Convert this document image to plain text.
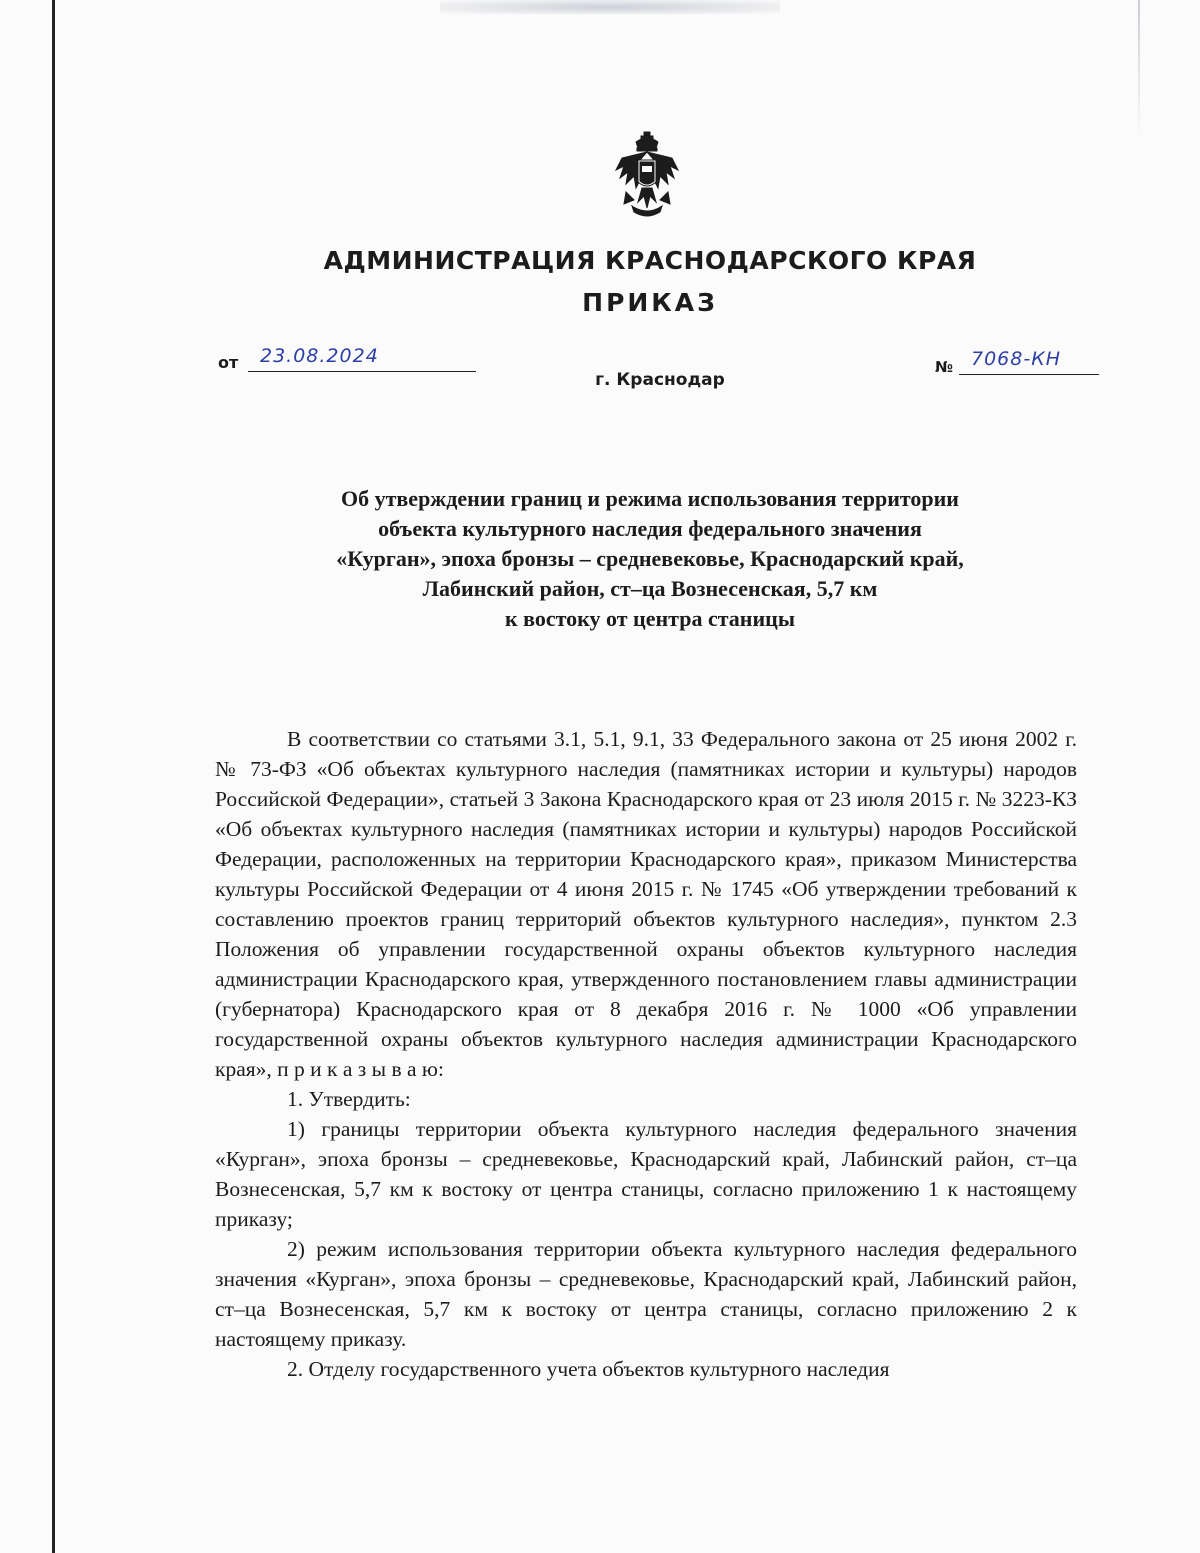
АДМИНИСТРАЦИЯ КРАСНОДАРСКОГО КРАЯ
ПРИКАЗ
от 23.08.2024	№ 7068-КН
г. Краснодар
Об утверждении границ и режима использования территории
объекта культурного наследия федерального значения
«Курган», эпоха бронзы – средневековье, Краснодарский край,
Лабинский район, ст–ца Вознесенская, 5,7 км
к востоку от центра станицы

В соответствии со статьями 3.1, 5.1, 9.1, 33 Федерального закона от 25 июня 2002 г. № 73-ФЗ «Об объектах культурного наследия (памятниках истории и культуры) народов Российской Федерации», статьей 3 Закона Краснодарского края от 23 июля 2015 г. № 3223-КЗ «Об объектах культурного наследия (памятниках истории и культуры) народов Российской Федерации, расположенных на территории Краснодарского края», приказом Министерства культуры Российской Федерации от 4 июня 2015 г. № 1745 «Об утверждении требований к составлению проектов границ территорий объектов культурного наследия», пунктом 2.3 Положения об управлении государственной охраны объектов культурного наследия администрации Краснодарского края, утвержденного постановлением главы администрации (губернатора) Краснодарского края от 8 декабря 2016 г. № 1000 «Об управлении государственной охраны объектов культурного наследия администрации Краснодарского края», п р и к а з ы в а ю:

1. Утвердить:

1) границы территории объекта культурного наследия федерального значения «Курган», эпоха бронзы – средневековье, Краснодарский край, Лабинский район, ст–ца Вознесенская, 5,7 км к востоку от центра станицы, согласно приложению 1 к настоящему приказу;

2) режим использования территории объекта культурного наследия федерального значения «Курган», эпоха бронзы – средневековье, Краснодарский край, Лабинский район, ст–ца Вознесенская, 5,7 км к востоку от центра станицы, согласно приложению 2 к настоящему приказу.

2. Отделу государственного учета объектов культурного наследия
